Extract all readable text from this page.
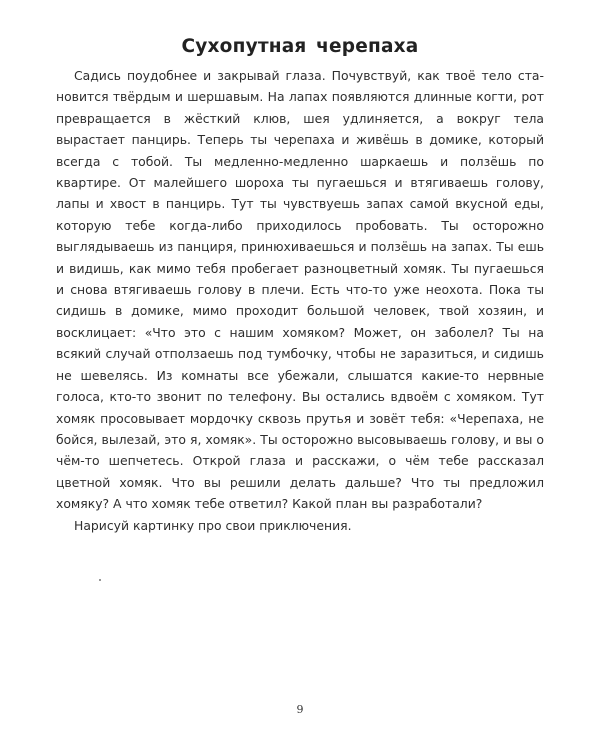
Сухопутная черепаха

Садись поудобнее и закрывай глаза. Почувствуй, как твоё тело становится твёрдым и шершавым. На лапах появляются длинные когти, рот превращается в жёсткий клюв, шея удлиняется, а вокруг тела вырастает панцирь. Теперь ты черепаха и живёшь в домике, который всегда с тобой. Ты медленно-медленно шаркаешь и ползёшь по квартире. От малейшего шороха ты пугаешься и втягиваешь голову, лапы и хвост в панцирь. Тут ты чувствуешь запах самой вкусной еды, которую тебе когда-либо приходилось пробовать. Ты осторожно выглядываешь из панциря, принюхиваешься и ползёшь на запах. Ты ешь и видишь, как мимо тебя пробегает разноцветный хомяк. Ты пугаешься и снова втягиваешь голову в плечи. Есть что-то уже неохота. Пока ты сидишь в домике, мимо проходит большой человек, твой хозяин, и восклицает: «Что это с нашим хомяком? Может, он заболел? Ты на всякий случай отползаешь под тумбочку, чтобы не заразиться, и сидишь не шевелясь. Из комнаты все убежали, слышатся какие-то нервные голоса, кто-то звонит по телефону. Вы остались вдвоём с хомяком. Тут хомяк просовывает мордочку сквозь прутья и зовёт тебя: «Черепаха, не бойся, вылезай, это я, хомяк». Ты осторожно высовываешь голову, и вы о чём-то шепчетесь. Открой глаза и расскажи, о чём тебе рассказал цветной хомяк. Что вы решили делать дальше? Что ты предложил хомяку? А что хомяк тебе ответил? Какой план вы разработали?

Нарисуй картинку про свои приключения.

9
